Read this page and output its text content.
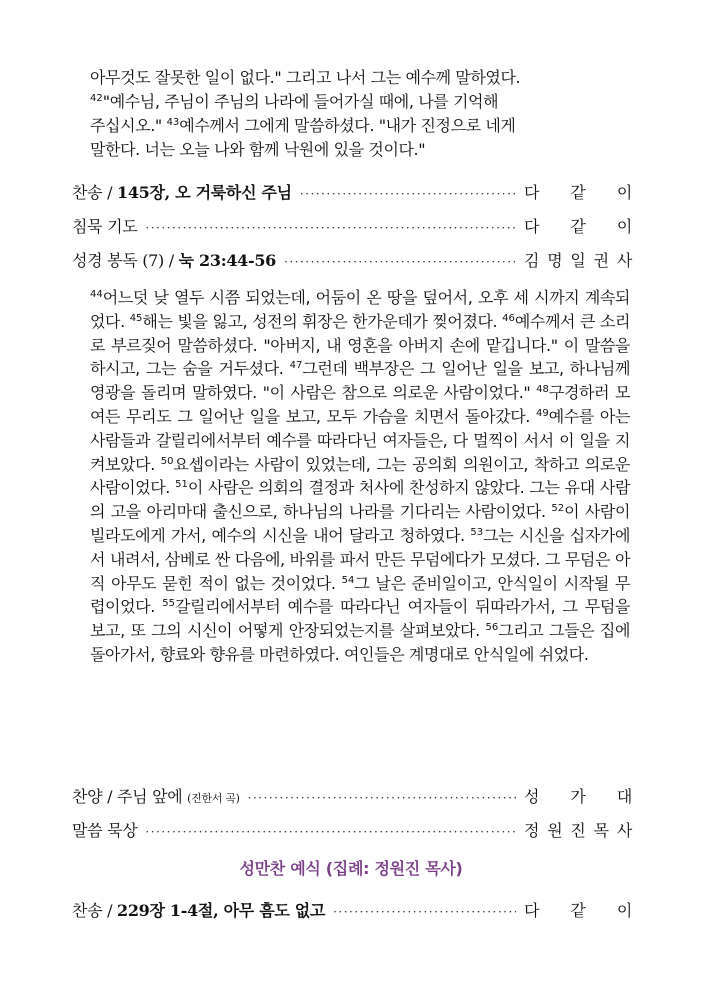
아무것도 잘못한 일이 없다." 그리고 나서 그는 예수께 말하였다.

$^{42}$"예수님, 주님이 주님의 나라에 들어가실 때에, 나를 기억해

주십시오." $^{43}$예수께서 그에게 말씀하셨다. "내가 진정으로 네게

말한다. 너는 오늘 나와 함께 낙원에 있을 것이다."

찬송 / 145장, 오 거룩하신 주님 ·····	다 같 이
침묵 기도 ·····	다 같 이
성경 봉독 (7) / 눅 23:44-56 ·····	김 명 일 권 사

$^{44}$어느덧 낮 열두 시쯤 되었는데, 어둠이 온 땅을 덮어서, 오후 세 시까지 계속되었다. $^{45}$해는 빛을 잃고, 성전의 휘장은 한가운데가 찢어졌다. $^{46}$예수께서 큰 소리로 부르짖어 말씀하셨다. "아버지, 내 영혼을 아버지 손에 맡깁니다." 이 말씀을 하시고, 그는 숨을 거두셨다. $^{47}$그런데 백부장은 그 일어난 일을 보고, 하나님께 영광을 돌리며 말하였다. "이 사람은 참으로 의로운 사람이었다." $^{48}$구경하러 모여든 무리도 그 일어난 일을 보고, 모두 가슴을 치면서 돌아갔다. $^{49}$예수를 아는 사람들과 갈릴리에서부터 예수를 따라다닌 여자들은, 다 멀찍이 서서 이 일을 지켜보았다. $^{50}$요셉이라는 사람이 있었는데, 그는 공의회 의원이고, 착하고 의로운 사람이었다. $^{51}$이 사람은 의회의 결정과 처사에 찬성하지 않았다. 그는 유대 사람의 고을 아리마대 출신으로, 하나님의 나라를 기다리는 사람이었다. $^{52}$이 사람이 빌라도에게 가서, 예수의 시신을 내어 달라고 청하였다. $^{53}$그는 시신을 십자가에서 내려서, 삼베로 싼 다음에, 바위를 파서 만든 무덤에다가 모셨다. 그 무덤은 아직 아무도 묻힌 적이 없는 것이었다. $^{54}$그 날은 준비일이고, 안식일이 시작될 무렵이었다. $^{55}$갈릴리에서부터 예수를 따라다닌 여자들이 뒤따라가서, 그 무덤을 보고, 또 그의 시신이 어떻게 안장되었는지를 살펴보았다. $^{56}$그리고 그들은 집에 돌아가서, 향료와 향유를 마련하였다. 여인들은 계명대로 안식일에 쉬었다.

찬양 / 주님 앞에 (진한서 곡) ·····	성 가 대
말씀 묵상 ·····	정 원 진 목 사
성만찬 예식 (집례: 정원진 목사)
찬송 / 229장 1-4절, 아무 흠도 없고 ·····	다 같 이
